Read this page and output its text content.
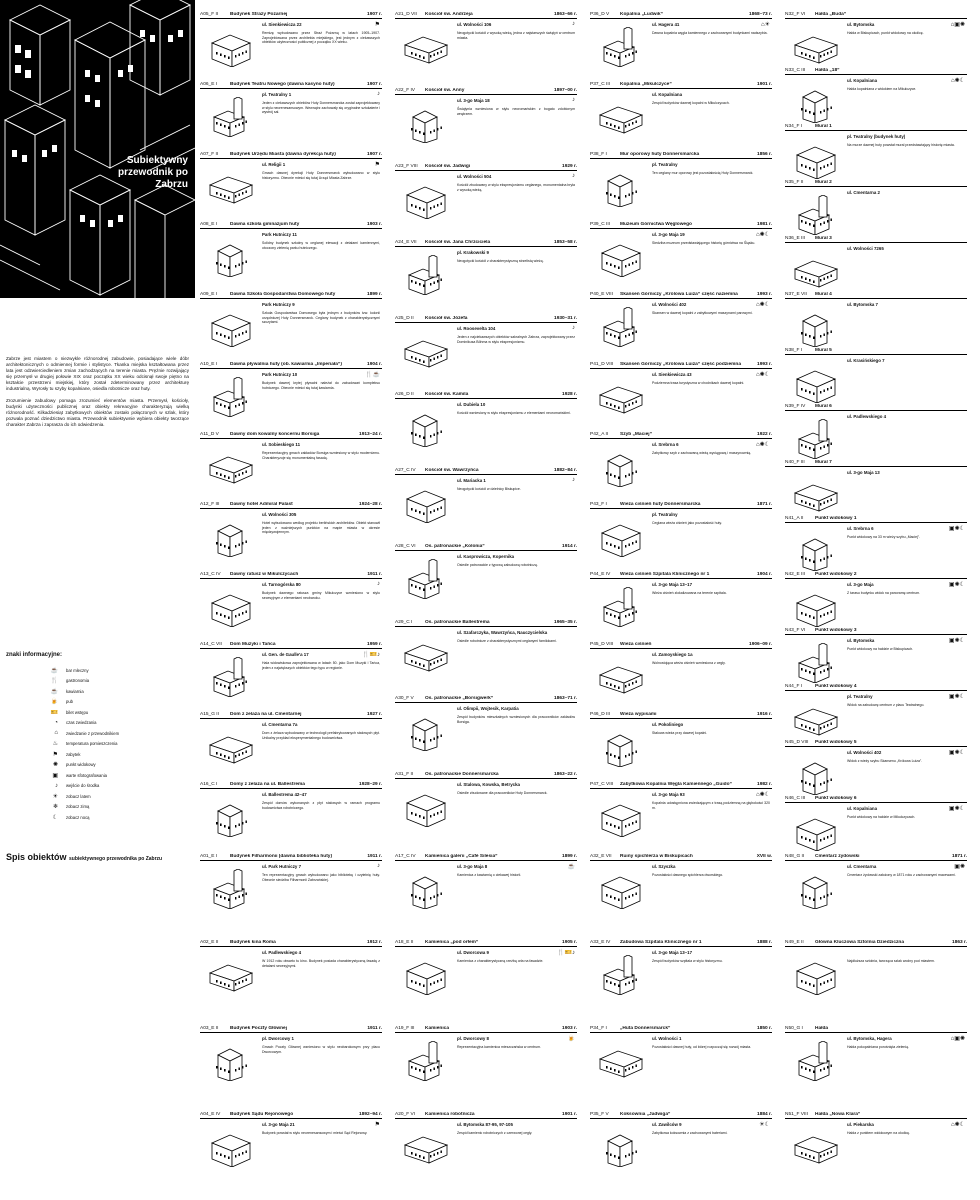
Subiektywny
przewodnik po Zabrzu

Zabrze jest miastem o niezwykle różnorodnej zabudowie, posiadające wiele dóbr architektonicznych o odmiennej formie i stylistyce. Tkanka miejska kształtowana przez lata jest odzwierciedleniem zmian zachodzących na terenie miasta. Prężnie rozwijający się przemysł w drugiej połowie XIX oraz początku XX wieku odcisnął swoje piętno na kształcie przestrzeni miejskiej, który został zdeterminowany przez architekturę industrialną. Wyrosły tu szyby kopalniane, osiedla robotnicze oraz huty.

Zrozumienie zabudowy pomaga zrozumieć elementów miasta. Przemysł, kościoły, budynki użyteczności publicznej oraz obiekty rekreacyjne charakteryzują wielką różnorodność. Kilkadziesiąt zabytkowych obiektów zostało połączonych w szlak, który pozwala poznać dziedzictwo miasta. Przewodnik subiektywnie wybiera obiekty tworzące charakter Zabrza i zaprasza do ich odwiedzenia.

znaki informacyjne:
☕	bar mleczny
🍴	gastronomia
☕	kawiarnia
🍺	pub
🎫	bilet wstępu
◔	czas zwiedzania
⌂	zwiedzanie z przewodnikiem
♨	temperatura pomieszczenia
⚑	zabytek
✺	punkt widokowy
▣	warte sfotografowania
♪	wejście do środka
☀	zobacz latem
❄	zobacz zimą
☾	zobacz nocą
Spis obiektów subiektywnego przewodnika po Zabrzu
A05_F II	Budynek Straży Pożarnej	1907 r.
ul. Sienkiewicza 22	⚑
Remizę wybudowano przez Straż Pożarną w latach 1905–1907. Zaprojektowana przez architekta miejskiego, jest jednym z ciekawszych obiektów użyteczności publicznej z początku XX wieku.
A06_E I	Budynek Teatru Nowego (dawna kasyno huty)	1907 r.
pl. Teatralny 1	♪
Jeden z ciekawszych obiektów Huty Donnersmarcka został zaprojektowany w stylu neorenesansowym. Wewnątrz zachowały się oryginalne sztukaterie i wystrój sal.
A07_F II	Budynek Urzędu Miasta (dawna dyrekcja huty)	1907 r.
ul. Religii 1	⚑
Gmach dawnej dyrekcji Huty Donnersmarck wybudowano w stylu historyzmu. Obecnie mieści się tutaj Urząd Miasta Zabrze.
A08_E I	Dawna szkoła gimnazjum huty	1903 r.
Park Hutniczy 11
Solidny budynek szkolny w ceglanej elewacji z detalami kamiennymi, otoczony zielenią parku hutniczego.
A09_E I	Dawna Szkoła Gospodarstwa Domowego huty	1899 r.
Park Hutniczy 9
Szkoła Gospodarstwa Domowego była jednym z budynków tzw. kolonii urzędniczej Huty Donnersmarck. Ceglany budynek z charakterystycznymi szczytami.
A10_E I	Dawna pływalnia huty (ob. kawiarnia „Imperiała”)	1904 r.
Park Hutniczy 10	🍴☕
Budynek dawnej krytej pływalni należał do zabudowań kompleksu hutniczego. Obecnie mieści się tutaj kawiarnia.
A11_D V	Dawny dom kowalny koncernu Borsiga	1913–24 r.
ul. Sobieskiego 11
Reprezentacyjny gmach zakładów Borsiga wzniesiony w stylu modernizmu. Charakteryzuje się monumentalną fasadą.
A12_F III	Dawny hotel Admiral Palast	1924–28 r.
ul. Wolności 305
Hotel wybudowano według projektu berlińskich architektów. Obiekt stanowił jeden z ważniejszych punktów na mapie miasta w okresie międzywojennym.
A13_C IV	Dawny ratusz w Mikulczycach	1911 r.
ul. Tarnogórska 80	♪
Budynek dawnego ratusza gminy Mikulczyce wzniesiono w stylu secesyjnym z elementami neobaroku.
A14_C VII	Dom Muzyki i Tańca	1959 r.
ul. Gen. de Gaulle'a 17	🍴🎫♪
Hala widowiskowa zaprojektowana w latach 50. jako Dom Muzyki i Tańca, jeden z największych obiektów tego typu w regionie.
A15_G II	Dom z żelaza na ul. Cmentarnej	1927 r.
ul. Cmentarna 7a
Dom z żelaza wybudowany w technologii prefabrykowanych stalowych płyt. Unikalny przykład eksperymentalnego budownictwa.
A16_C I	Domy z żelaza na ul. Ballestrema	1928–29 r.
ul. Ballestrema 42–47
Zespół domów wykonanych z płyt stalowych w ramach programu budownictwa robotniczego.
A01_E I	Budynek Filharmonii (dawna biblioteka huty)	1911 r.
ul. Park Hutniczy 7	♪
Ten reprezentacyjny gmach wybudowano jako bibliotekę i czytelnię huty. Obecnie siedziba Filharmonii Zabrzańskiej.
A02_E II	Budynek kina Roma	1912 r.
ul. Padlewskiego 4
W 1912 roku otwarto tu kino. Budynek posiada charakterystyczną fasadę z detalami secesyjnymi.
A03_E II	Budynek Poczty Głównej	1911 r.
pl. Dworcowy 1
Gmach Poczty Głównej wzniesiono w stylu neobarokowym przy placu Dworcowym.
A04_E IV	Budynek Sądu Rejonowego	1892–94 r.
ul. 3-go Maja 21	⚑
Budynek powstał w stylu neorenesansowym i mieści Sąd Rejonowy.
A21_D VII	Kościół św. Andrzeja	1863–66 r.
ul. Wolności 106	♪
Neogotycki kościół z wysoką wieżą, jedna z najstarszych świątyń w centrum miasta.
A22_F IV	Kościół św. Anny	1897–00 r.
ul. 3-go Maja 18	♪
Świątynia wzniesiona w stylu neoromańskim z bogato zdobionym wnętrzem.
A23_F VIII	Kościół św. Jadwigi	1929 r.
ul. Wolności 504	♪
Kościół zbudowany w stylu ekspresjonizmu ceglanego, monumentalna bryła z wysoką wieżą.
A24_E VII	Kościół św. Jana Chrzciciela	1853–58 r.
pl. Krakowski 9
Neogotycki kościół z charakterystyczną strzelistą wieżą.
A25_D II	Kościół św. Józefa	1930–31 r.
ul. Roosevelta 104	♪
Jeden z najciekawszych obiektów sakralnych Zabrza, zaprojektowany przez Dominikusa Böhma w stylu ekspresjonizmu.
A26_D II	Kościół św. Kamila	1928 r.
ul. Dubiela 10
Kościół wzniesiony w stylu ekspresjonizmu z elementami neoromańskimi.
A27_C IV	Kościół św. Wawrzyńca	1882–84 r.
ul. Mariacka 1	♪
Neogotycki kościół w dzielnicy Biskupice.
A28_C VI	Os. patronackie „Kolonia”	1914 r.
ul. Kasprowicza, Kopernika
Osiedle patronackie z typową zabudową robotniczą.
A29_C I	Os. patronackie Ballestrema	1965–35 r.
ul. Szafarczyka, Wawrzyńca, Nauczycielska
Osiedle robotnicze z charakterystycznymi ceglanymi familokami.
A30_F V	Os. patronackie „Borsigwerk”	1863–71 r.
ul. Olimpii, Wojtesik, Karpatia
Zespół budynków mieszkalnych wzniesionych dla pracowników zakładów Borsiga.
A31_F II	Os. patronackie Donnersmarcka	1863–22 r.
ul. Stalowa, Kowska, Betrycka
Osiedle zbudowane dla pracowników Huty Donnersmarck.
A17_C IV	Kamienica galerii „Café Silesia”	1899 r.
ul. 3-go Maja 8	☕
Kamienica z kawiarnią o ciekawej historii.
A18_E II	Kamienica „pod orłem”	1905 r.
ul. Dworcowa 9	🍴🎫♪
Kamienica z charakterystyczną rzeźbą orła na fasadzie.
A19_F III	Kamienica	1903 r.
pl. Dworcowy 8	🍺
Reprezentacyjna kamienica mieszczańska w centrum.
A20_F VI	Kamienica robotnicza	1901 r.
ul. Bytomska 87-95, 97-105
Zespół kamienic robotniczych z czerwonej cegły.
P36_D V	Kopalnia „Ludwik”	1868–73 r.
ul. Hagera 41	⌂☀
Dawna kopalnia węgla kamiennego z zachowanymi budynkami nadszybia.
P37_C III	Kopalnia „Mikulczyce”	1901 r.
ul. Kopalniana
Zespół budynków dawnej kopalni w Mikulczycach.
P38_F I	Mur oporowy huty Donnersmarcka	1856 r.
pl. Teatralny
Ten ceglany mur oporowy jest pozostałością Huty Donnersmarck.
P39_C III	Muzeum Górnictwa Węglowego	1981 r.
ul. 3-go Maja 19	⌂✺☾
Siedziba muzeum przedstawiającego historię górnictwa na Śląsku.
P40_E VIII	Skansen Górniczy „Królowa Luiza” część naziemna	1993 r.
ul. Wolności 402	⌂✺☾
Skansen w dawnej kopalni z zabytkowymi maszynami parowymi.
P41_D VIII	Skansen Górniczy „Królowa Luiza” część podziemna	1993 r.
ul. Sienkiewicza 43	⌂✺☾
Podziemna trasa turystyczna w chodnikach dawnej kopalni.
P42_A II	Szyb „Maciej”	1922 r.
ul. Srebrna 6	⌂✺☾
Zabytkowy szyb z zachowaną wieżą wyciągową i maszynownią.
P43_F I	Wieża ciśnień huty Donnersmarcka	1871 r.
pl. Teatralny
Ceglana wieża ciśnień jako pozostałość huty.
P44_E IV	Wieża ciśnień Szpitala Klinicznego nr 1	1904 r.
ul. 3-go Maja 13–17
Wieża ciśnień zlokalizowana na terenie szpitala.
P45_D VIII	Wieża ciśnień	1906–09 r.
ul. Zamoyskiego 1a
Wolnostojąca wieża ciśnień wzniesiona z cegły.
P46_D III	Wieża wypisami	1916 r.
ul. Pokoliniego
Stalowa wieża przy dawnej kopalni.
P47_C VIII	Zabytkowa Kopalnia Węgla Kamiennego „Guido”	1982 r.
ul. 3-go Maja 93	⌂✺☾
Kopalnia udostępniona zwiedzającym z trasą podziemną na głębokości 320 m.
A32_E VII	Ruiny spichlerza w Biskupicach	XVII w.
ul. Szyszka
Pozostałości dawnego spichlerza dworskiego.
A33_E IV	Zabudowa Szpitala Klinicznego nr 1	1888 r.
ul. 3-go Maja 13–17
Zespół budynków szpitala w stylu historyzmu.
P34_F I	„Huta Donnersmarck”	1850 r.
ul. Wolności 1
Pozostałości dawnej huty, od której rozpoczął się rozwój miasta.
P35_F V	Koksownia „Jadwiga”	1884 r.
ul. Zawilców 9	☀☾
Zabytkowa koksownia z zachowanymi bateriami.
N32_F VI	Hałda „Buda”
ul. Bytomska	⌂▣✺
Hałda w Biskupicach, punkt widokowy na okolicę.
N33_C III	Hałda „18”
ul. Kopalniana	⌂✺☾
Hałda kopalniana z widokiem na Mikulczyce.
N34_F I	Mural 1
pl. Teatralny (budynek huty)
Na murze dawnej huty powstał mural przedstawiający historię miasta.
N35_F II	Mural 2
ul. Cmentarna 2
N36_E III	Mural 3
ul. Wolności 7265
N37_E VII	Mural 4
ul. Bytomska 7
N38_F I	Mural 5
ul. Krasińskiego 7
N39_F IV	Mural 6
ul. Padlewskiego 4
N40_F III	Mural 7
ul. 3-go Maja 13
N41_A II	Punkt widokowy 1
ul. Srebrna 6	▣✺☾
Punkt widokowy na 33 m wieży szybu „Maciej”.
N42_E III	Punkt widokowy 2
ul. 3-go Maja	▣✺☾
Z tarasu budynku widok na panoramę centrum.
N43_F VI	Punkt widokowy 3
ul. Bytomska	▣✺☾
Punkt widokowy na hałdzie w Biskupicach.
N44_F I	Punkt widokowy 4
pl. Teatralny	▣✺☾
Widok na zabudowę centrum z placu Teatralnego.
N45_D VIII	Punkt widokowy 5
ul. Wolności 402	▣✺☾
Widok z wieży szybu Skansenu „Królowa Luiza”.
N46_C III	Punkt widokowy 6
ul. Kopalniana	▣✺☾
Punkt widokowy na hałdzie w Mikulczycach.
N48_G II	Cmentarz żydowski	1871 r.
ul. Cmentarna	▣✺
Cmentarz żydowski założony w 1871 roku z zachowanymi macewami.
N49_E II	Główna Kluczowa Sztolnia Dziedziczna	1863 r.
Najdłuższa sztolnia, tworząca szlak wodny pod miastem.
N50_G I	Hałda
ul. Bytomska, Hagera	⌂▣✺
Hałda pokopalniana porośnięta zielenią.
N51_F VIII	Hałda „Nowa Klara”
ul. Piekarska	⌂✺☾
Hałda z punktem widokowym na okolicę.
